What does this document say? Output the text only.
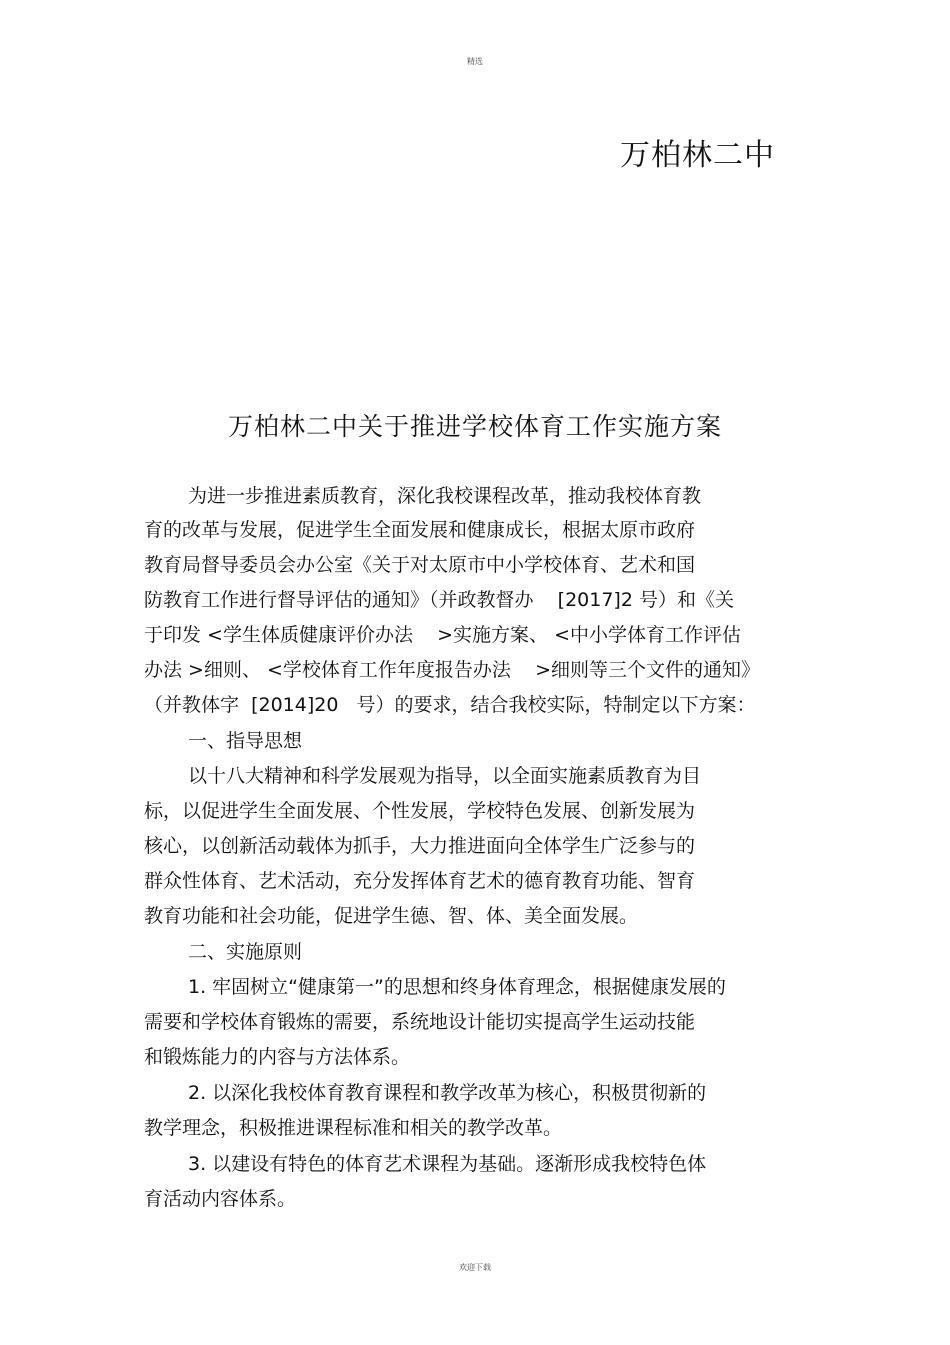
精选
万柏林二中
万柏林二中关于推进学校体育工作实施方案
为进一步推进素质教育，深化我校课程改革，推动我校体育教
育的改革与发展，促进学生全面发展和健康成长，根据太原市政府
教育局督导委员会办公室《关于对太原市中小学校体育、艺术和国
防教育工作进行督导评估的通知》（并政教督办    [2017]2 号）和《关
于印发 <学生体质健康评价办法    >实施方案、 <中小学体育工作评估
办法 >细则、 <学校体育工作年度报告办法    >细则等三个文件的通知》
（并教体字  [2014]20   号）的要求，结合我校实际，特制定以下方案：
一、指导思想
以十八大精神和科学发展观为指导，以全面实施素质教育为目
标，以促进学生全面发展、个性发展，学校特色发展、创新发展为
核心，以创新活动载体为抓手，大力推进面向全体学生广泛参与的
群众性体育、艺术活动，充分发挥体育艺术的德育教育功能、智育
教育功能和社会功能，促进学生德、智、体、美全面发展。
二、实施原则
1. 牢固树立“健康第一”的思想和终身体育理念，根据健康发展的
需要和学校体育锻炼的需要，系统地设计能切实提高学生运动技能
和锻炼能力的内容与方法体系。
2. 以深化我校体育教育课程和教学改革为核心，积极贯彻新的
教学理念，积极推进课程标准和相关的教学改革。
3. 以建设有特色的体育艺术课程为基础。逐渐形成我校特色体
育活动内容体系。
欢迎下载
